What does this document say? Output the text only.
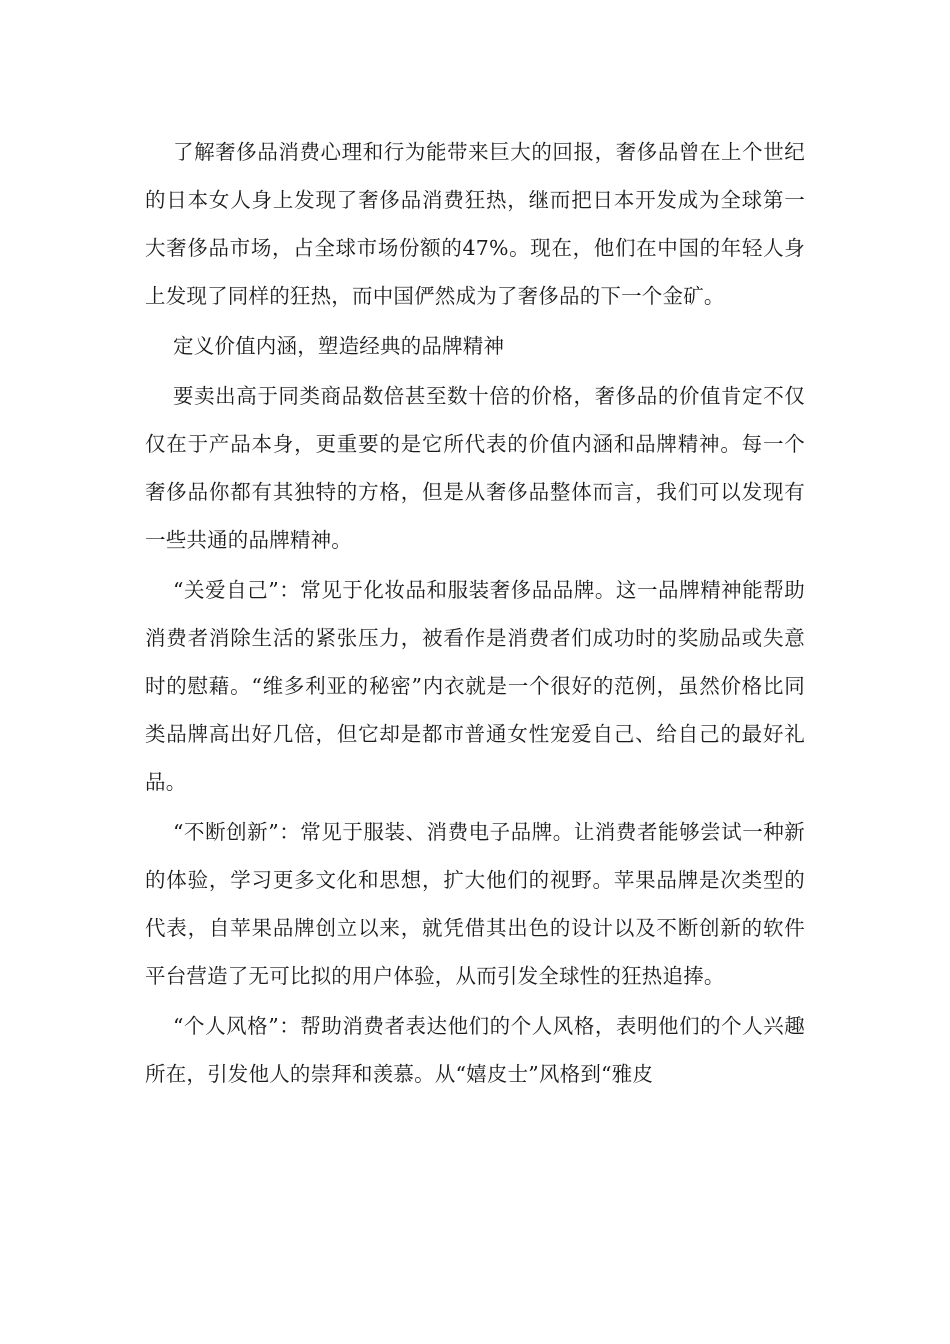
了解奢侈品消费心理和行为能带来巨大的回报，奢侈品曾在上个世纪的日本女人身上发现了奢侈品消费狂热，继而把日本开发成为全球第一大奢侈品市场，占全球市场份额的47%。现在，他们在中国的年轻人身上发现了同样的狂热，而中国俨然成为了奢侈品的下一个金矿。

定义价值内涵，塑造经典的品牌精神

要卖出高于同类商品数倍甚至数十倍的价格，奢侈品的价值肯定不仅仅在于产品本身，更重要的是它所代表的价值内涵和品牌精神。每一个奢侈品你都有其独特的方格，但是从奢侈品整体而言，我们可以发现有一些共通的品牌精神。

“关爱自己”：常见于化妆品和服装奢侈品品牌。这一品牌精神能帮助消费者消除生活的紧张压力，被看作是消费者们成功时的奖励品或失意时的慰藉。“维多利亚的秘密”内衣就是一个很好的范例，虽然价格比同类品牌高出好几倍，但它却是都市普通女性宠爱自己、给自己的最好礼品。

“不断创新”：常见于服装、消费电子品牌。让消费者能够尝试一种新的体验，学习更多文化和思想，扩大他们的视野。苹果品牌是次类型的代表，自苹果品牌创立以来，就凭借其出色的设计以及不断创新的软件平台营造了无可比拟的用户体验，从而引发全球性的狂热追捧。

“个人风格”：帮助消费者表达他们的个人风格，表明他们的个人兴趣所在，引发他人的崇拜和羡慕。从“嬉皮士”风格到“雅皮
